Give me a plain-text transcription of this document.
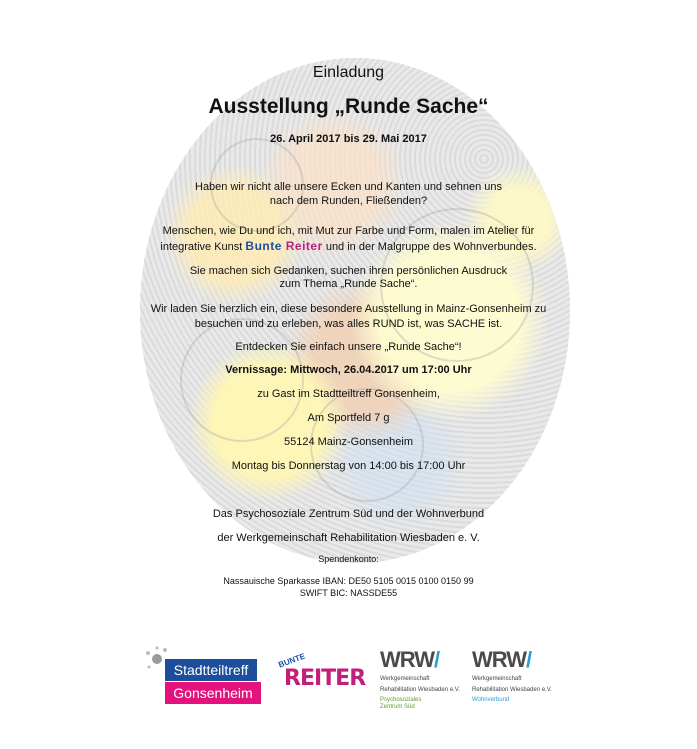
Einladung
Ausstellung „Runde Sache“
26. April 2017 bis 29. Mai 2017
Haben wir nicht alle unsere Ecken und Kanten und sehnen uns
nach dem Runden, Fließenden?
Menschen, wie Du und ich, mit Mut zur Farbe und Form, malen im Atelier für
integrative Kunst Bunte Reiter und in der Malgruppe des Wohnverbundes.
Sie machen sich Gedanken, suchen ihren persönlichen Ausdruck
zum Thema „Runde Sache“.
Wir laden Sie herzlich ein, diese besondere Ausstellung in Mainz-Gonsenheim zu
besuchen und zu erleben, was alles RUND ist, was SACHE ist.
Entdecken Sie einfach unsere „Runde Sache“!
Vernissage: Mittwoch, 26.04.2017 um 17:00 Uhr
zu Gast im Stadtteiltreff Gonsenheim,
Am Sportfeld 7 g
55124 Mainz-Gonsenheim
Montag bis Donnerstag von 14:00 bis 17:00 Uhr
Das Psychosoziale Zentrum Süd und der Wohnverbund
der Werkgemeinschaft Rehabilitation Wiesbaden e. V.
Spendenkonto:
Nassauische Sparkasse IBAN: DE50 5105 0015 0100 0150 99
SWIFT BIC: NASSDE55
Stadtteiltreff
Gonsenheim
BUNTE
REITER
WRW/
Werkgemeinschaft
Rehabilitation Wiesbaden e.V.
Psychosoziales
Zentrum Süd
WRW/
Werkgemeinschaft
Rehabilitation Wiesbaden e.V.
Wohnverbund
